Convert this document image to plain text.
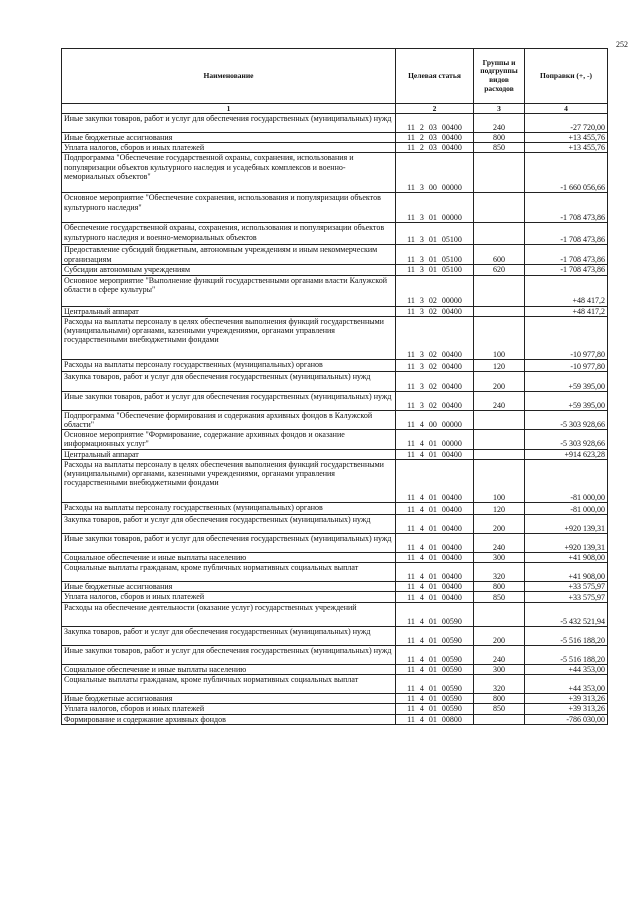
252
Наименование	Целевая статья	Группы и подгруппы видов расходов	Поправки (+, -)
1	2	3	4
Иные закупки товаров, работ и услуг для обеспечения государственных (муниципальных) нужд	11 2 03 00400	240	-27 720,00
Иные бюджетные ассигнования	11 2 03 00400	800	+13 455,76
Уплата налогов, сборов и иных платежей	11 2 03 00400	850	+13 455,76
Подпрограмма "Обеспечение государственной охраны, сохранения, использования и популяризации объектов культурного наследия и усадебных комплексов и военно-мемориальных объектов"	11 3 00 00000		-1 660 056,66
Основное мероприятие "Обеспечение сохранения, использования и популяризации объектов культурного наследия"	11 3 01 00000		-1 708 473,86
Обеспечение государственной охраны, сохранения, использования и популяризации объектов культурного наследия и военно-мемориальных объектов	11 3 01 05100		-1 708 473,86
Предоставление субсидий бюджетным, автономным учреждениям и иным некоммерческим организациям	11 3 01 05100	600	-1 708 473,86
Субсидии автономным учреждениям	11 3 01 05100	620	-1 708 473,86
Основное мероприятие "Выполнение функций государственными органами власти Калужской области в сфере культуры"	11 3 02 00000		+48 417,2
Центральный аппарат	11 3 02 00400		+48 417,2
Расходы на выплаты персоналу в целях обеспечения выполнения функций государственными (муниципальными) органами, казенными учреждениями, органами управления государственными внебюджетными фондами	11 3 02 00400	100	-10 977,80
Расходы на выплаты персоналу государственных (муниципальных) органов	11 3 02 00400	120	-10 977,80
Закупка товаров, работ и услуг для обеспечения государственных (муниципальных) нужд	11 3 02 00400	200	+59 395,00
Иные закупки товаров, работ и услуг для обеспечения государственных (муниципальных) нужд	11 3 02 00400	240	+59 395,00
Подпрограмма "Обеспечение формирования и содержания архивных фондов в Калужской области"	11 4 00 00000		-5 303 928,66
Основное мероприятие "Формирование, содержание архивных фондов и оказание информационных услуг"	11 4 01 00000		-5 303 928,66
Центральный аппарат	11 4 01 00400		+914 623,28
Расходы на выплаты персоналу в целях обеспечения выполнения функций государственными (муниципальными) органами, казенными учреждениями, органами управления государственными внебюджетными фондами	11 4 01 00400	100	-81 000,00
Расходы на выплаты персоналу государственных (муниципальных) органов	11 4 01 00400	120	-81 000,00
Закупка товаров, работ и услуг для обеспечения государственных (муниципальных) нужд	11 4 01 00400	200	+920 139,31
Иные закупки товаров, работ и услуг для обеспечения государственных (муниципальных) нужд	11 4 01 00400	240	+920 139,31
Социальное обеспечение и иные выплаты населению	11 4 01 00400	300	+41 908,00
Социальные выплаты гражданам, кроме публичных нормативных социальных выплат	11 4 01 00400	320	+41 908,00
Иные бюджетные ассигнования	11 4 01 00400	800	+33 575,97
Уплата налогов, сборов и иных платежей	11 4 01 00400	850	+33 575,97
Расходы на обеспечение деятельности (оказание услуг) государственных учреждений	11 4 01 00590		-5 432 521,94
Закупка товаров, работ и услуг для обеспечения государственных (муниципальных) нужд	11 4 01 00590	200	-5 516 188,20
Иные закупки товаров, работ и услуг для обеспечения государственных (муниципальных) нужд	11 4 01 00590	240	-5 516 188,20
Социальное обеспечение и иные выплаты населению	11 4 01 00590	300	+44 353,00
Социальные выплаты гражданам, кроме публичных нормативных социальных выплат	11 4 01 00590	320	+44 353,00
Иные бюджетные ассигнования	11 4 01 00590	800	+39 313,26
Уплата налогов, сборов и иных платежей	11 4 01 00590	850	+39 313,26
Формирование и содержание архивных фондов	11 4 01 00800		-786 030,00
